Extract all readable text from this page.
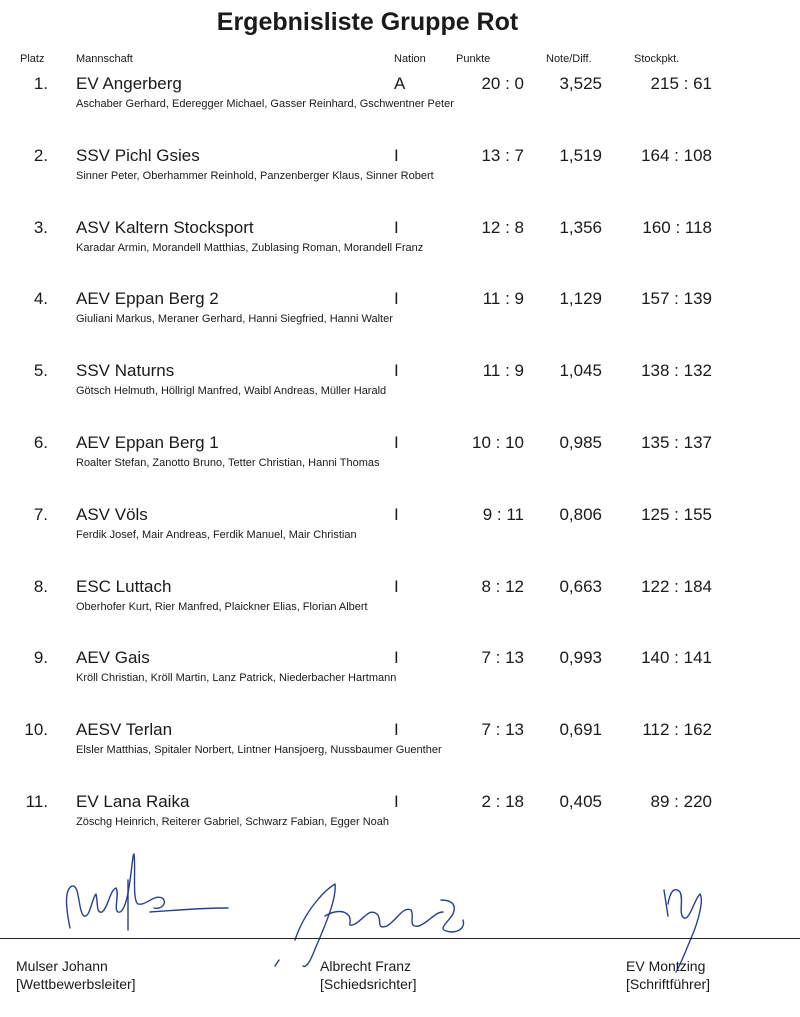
Ergebnisliste Gruppe Rot
Platz	Mannschaft	Nation	Punkte	Note/Diff.	Stockpkt.
1. EV Angerberg
Aschaber Gerhard, Ederegger Michael, Gasser Reinhard, Gschwentner Peter
A	20 : 0	3,525	215 : 61
2. SSV Pichl Gsies
Sinner Peter, Oberhammer Reinhold, Panzenberger Klaus, Sinner Robert
I	13 : 7	1,519	164 : 108
3. ASV Kaltern Stocksport
Karadar Armin, Morandell Matthias, Zublasing Roman, Morandell Franz
I	12 : 8	1,356	160 : 118
4. AEV Eppan Berg 2
Giuliani Markus, Meraner Gerhard, Hanni Siegfried, Hanni Walter
I	11 : 9	1,129	157 : 139
5. SSV Naturns
Götsch Helmuth, Höllrigl Manfred, Waibl Andreas, Müller Harald
I	11 : 9	1,045	138 : 132
6. AEV Eppan Berg 1
Roalter Stefan, Zanotto Bruno, Tetter Christian, Hanni Thomas
I	10 : 10	0,985	135 : 137
7. ASV Völs
Ferdik Josef, Mair Andreas, Ferdik Manuel, Mair Christian
I	9 : 11	0,806	125 : 155
8. ESC Luttach
Oberhofer Kurt, Rier Manfred, Plaickner Elias, Florian Albert
I	8 : 12	0,663	122 : 184
9. AEV Gais
Kröll Christian, Kröll Martin, Lanz Patrick, Niederbacher Hartmann
I	7 : 13	0,993	140 : 141
10. AESV Terlan
Elsler Matthias, Spitaler Norbert, Lintner Hansjoerg, Nussbaumer Guenther
I	7 : 13	0,691	112 : 162
11. EV Lana Raika
Zöschg Heinrich, Reiterer Gabriel, Schwarz Fabian, Egger Noah
I	2 : 18	0,405	89 : 220
Mulser Johann
[Wettbewerbsleiter]
Albrecht Franz
[Schiedsrichter]
EV Montzing
[Schriftführer]
